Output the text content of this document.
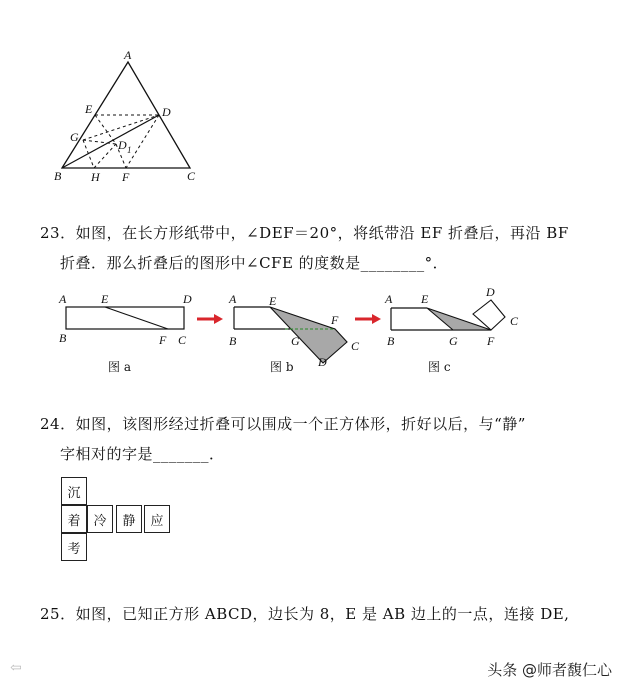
A
B	C
D
E
G
D 1
H F
23．如图，在长方形纸带中，∠DEF＝20°，将纸带沿 EF 折叠后，再沿 BF
折叠．那么折叠后的图形中∠CFE 的度数是________°．
A	E	D
B	F C
图 a
A	E
F
B	G	C
D
图 b
A E	D
C
B	G F
图 c
24．如图，该图形经过折叠可以围成一个正方体形，折好以后，与“静”
字相对的字是_______．
沉
着 冷	静	应
考
25．如图，已知正方形 ABCD，边长为 8，E 是 AB 边上的一点，连接 DE,
⇦	头条 @师者馥仁心
